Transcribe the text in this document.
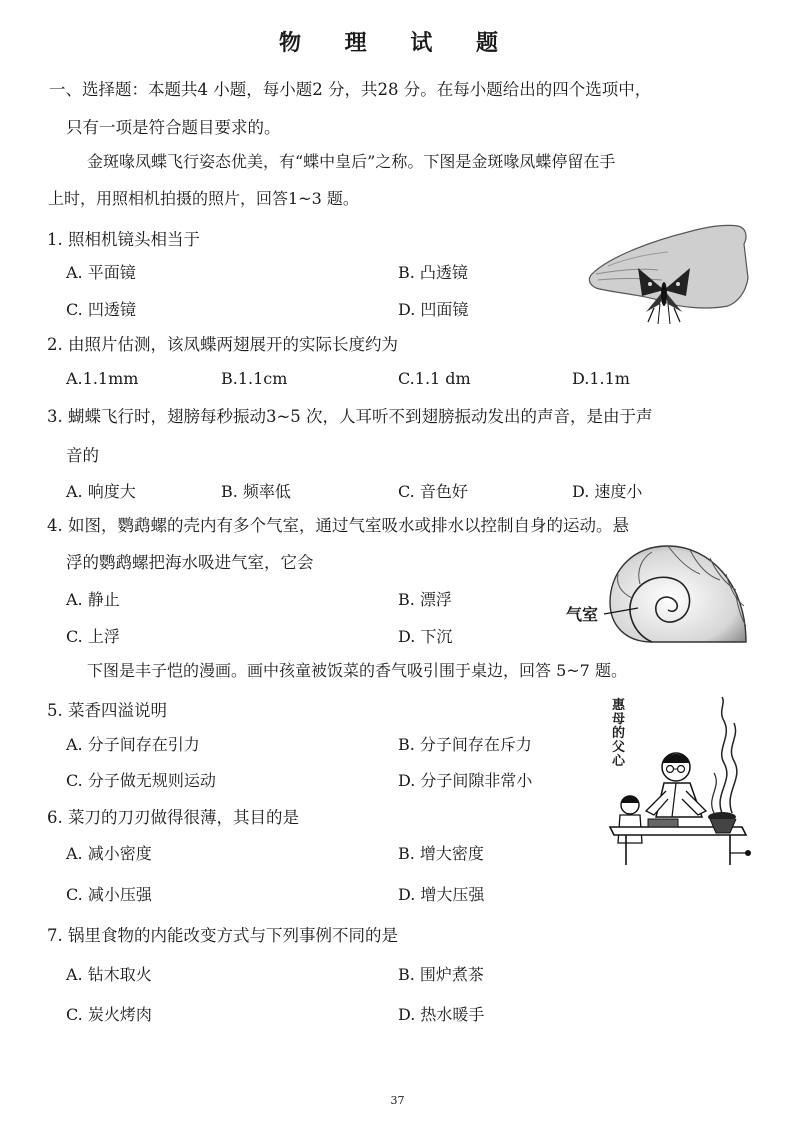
物 理 试 题
一、选择题：本题共4 小题，每小题2 分，共28 分。在每小题给出的四个选项中，
只有一项是符合题目要求的。
金斑喙凤蝶飞行姿态优美，有“蝶中皇后”之称。下图是金斑喙凤蝶停留在手
上时，用照相机拍摄的照片，回答1~3 题。
1. 照相机镜头相当于
A. 平面镜	B. 凸透镜
C. 凹透镜	D. 凹面镜
2. 由照片估测，该凤蝶两翅展开的实际长度约为
A.1.1mm	B.1.1cm	C.1.1 dm	D.1.1m
3. 蝴蝶飞行时，翅膀每秒振动3~5 次，人耳听不到翅膀振动发出的声音，是由于声
音的
A. 响度大	B. 频率低	C. 音色好	D. 速度小
4. 如图，鹦鹉螺的壳内有多个气室，通过气室吸水或排水以控制自身的运动。悬
浮的鹦鹉螺把海水吸进气室，它会
A. 静止	B. 漂浮
C. 上浮	D. 下沉
气室
下图是丰子恺的漫画。画中孩童被饭菜的香气吸引围于桌边，回答 5~7 题。
5. 菜香四溢说明
A. 分子间存在引力	B. 分子间存在斥力
C. 分子做无规则运动	D. 分子间隙非常小
惠母的父心
6. 菜刀的刀刃做得很薄，其目的是
A. 减小密度	B. 增大密度
C. 减小压强	D. 增大压强
7. 锅里食物的内能改变方式与下列事例不同的是
A. 钻木取火	B. 围炉煮茶
C. 炭火烤肉	D. 热水暖手
37
